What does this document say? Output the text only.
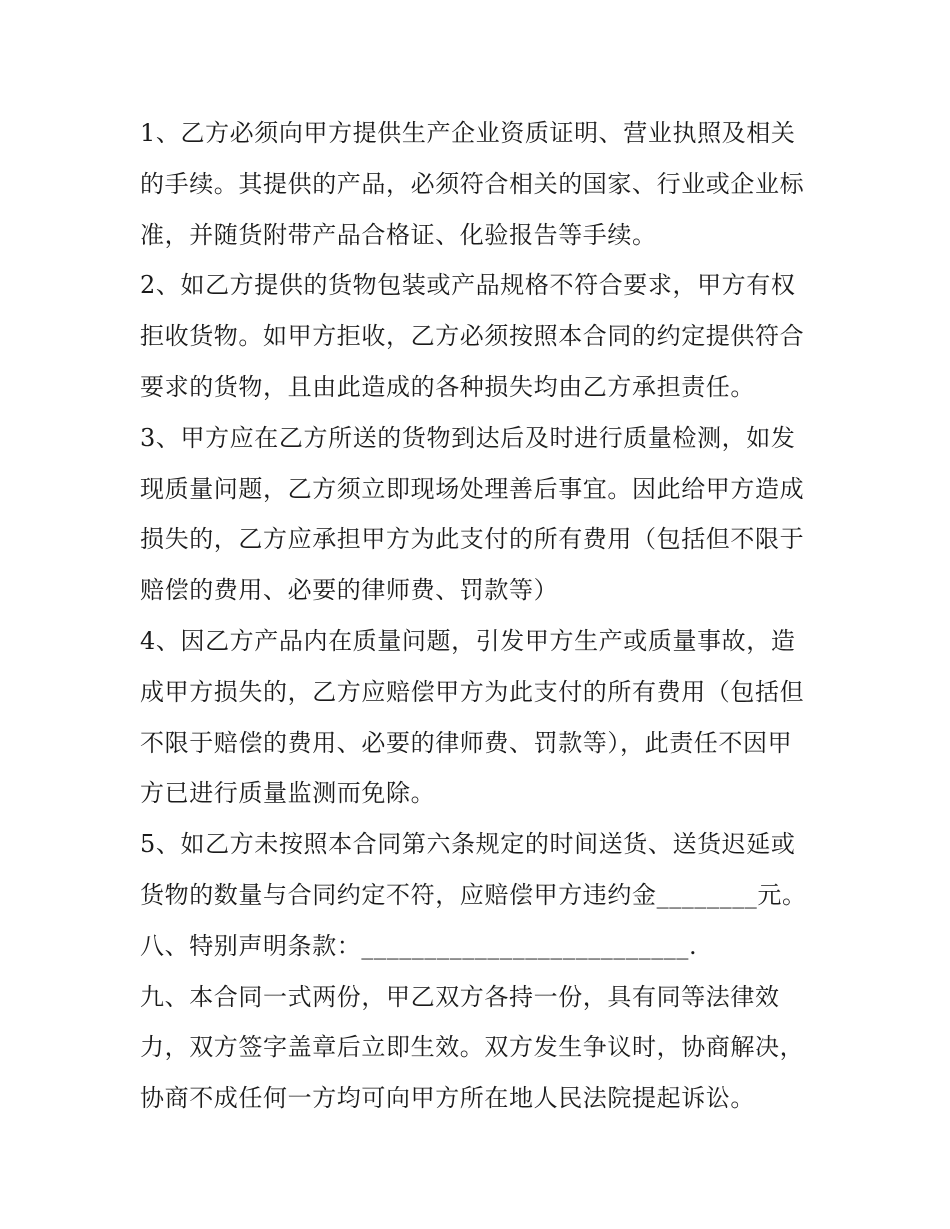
1、乙方必须向甲方提供生产企业资质证明、营业执照及相关
的手续。其提供的产品，必须符合相关的国家、行业或企业标
准，并随货附带产品合格证、化验报告等手续。
2、如乙方提供的货物包装或产品规格不符合要求，甲方有权
拒收货物。如甲方拒收，乙方必须按照本合同的约定提供符合
要求的货物，且由此造成的各种损失均由乙方承担责任。
3、甲方应在乙方所送的货物到达后及时进行质量检测，如发
现质量问题，乙方须立即现场处理善后事宜。因此给甲方造成
损失的，乙方应承担甲方为此支付的所有费用（包括但不限于
赔偿的费用、必要的律师费、罚款等）
4、因乙方产品内在质量问题，引发甲方生产或质量事故，造
成甲方损失的，乙方应赔偿甲方为此支付的所有费用（包括但
不限于赔偿的费用、必要的律师费、罚款等），此责任不因甲
方已进行质量监测而免除。
5、如乙方未按照本合同第六条规定的时间送货、送货迟延或
货物的数量与合同约定不符，应赔偿甲方违约金________元。
八、特别声明条款：__________________________.
九、本合同一式两份，甲乙双方各持一份，具有同等法律效
力，双方签字盖章后立即生效。双方发生争议时，协商解决，
协商不成任何一方均可向甲方所在地人民法院提起诉讼。
